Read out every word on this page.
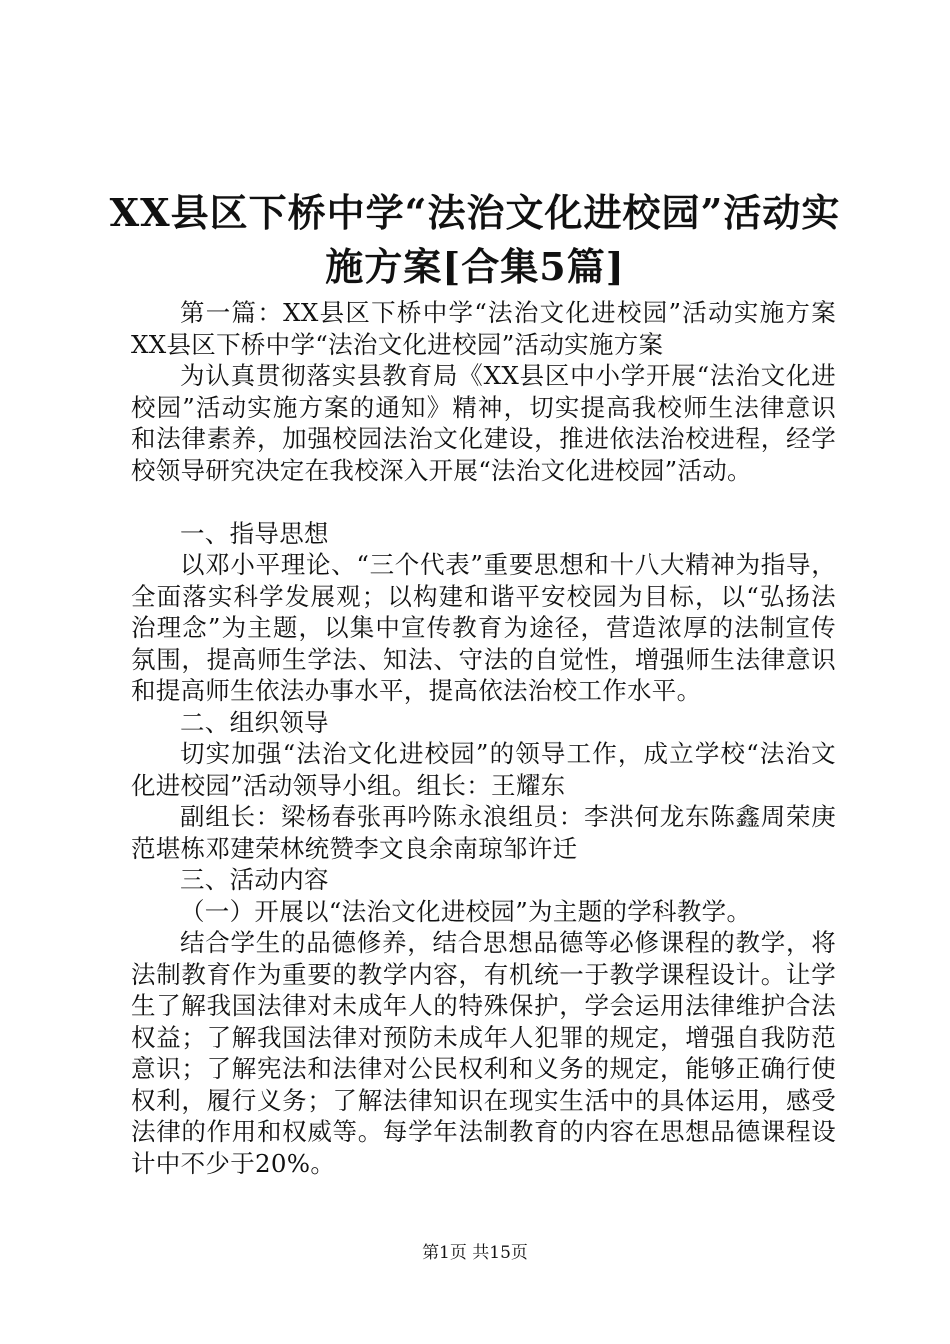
XX县区下桥中学“法治文化进校园”活动实
施方案[合集5篇]

第一篇：XX县区下桥中学“法治文化进校园”活动实施方案XX县区下桥中学“法治文化进校园”活动实施方案

为认真贯彻落实县教育局《XX县区中小学开展“法治文化进校园”活动实施方案的通知》精神，切实提高我校师生法律意识和法律素养，加强校园法治文化建设，推进依法治校进程，经学校领导研究决定在我校深入开展“法治文化进校园”活动。

一、指导思想

以邓小平理论、“三个代表”重要思想和十八大精神为指导，全面落实科学发展观；以构建和谐平安校园为目标，以“弘扬法治理念”为主题，以集中宣传教育为途径，营造浓厚的法制宣传氛围，提高师生学法、知法、守法的自觉性，增强师生法律意识和提高师生依法办事水平，提高依法治校工作水平。

二、组织领导

切实加强“法治文化进校园”的领导工作，成立学校“法治文化进校园”活动领导小组。组长：王耀东

副组长：梁杨春张再吟陈永浪组员：李洪何龙东陈鑫周荣庚范堪栋邓建荣林统赞李文良余南琼邹许迁

三、活动内容

（一）开展以“法治文化进校园”为主题的学科教学。

结合学生的品德修养，结合思想品德等必修课程的教学，将法制教育作为重要的教学内容，有机统一于教学课程设计。让学生了解我国法律对未成年人的特殊保护，学会运用法律维护合法权益；了解我国法律对预防未成年人犯罪的规定，增强自我防范意识；了解宪法和法律对公民权利和义务的规定，能够正确行使权利，履行义务；了解法律知识在现实生活中的具体运用，感受法律的作用和权威等。每学年法制教育的内容在思想品德课程设计中不少于20%。

第1页 共15页
